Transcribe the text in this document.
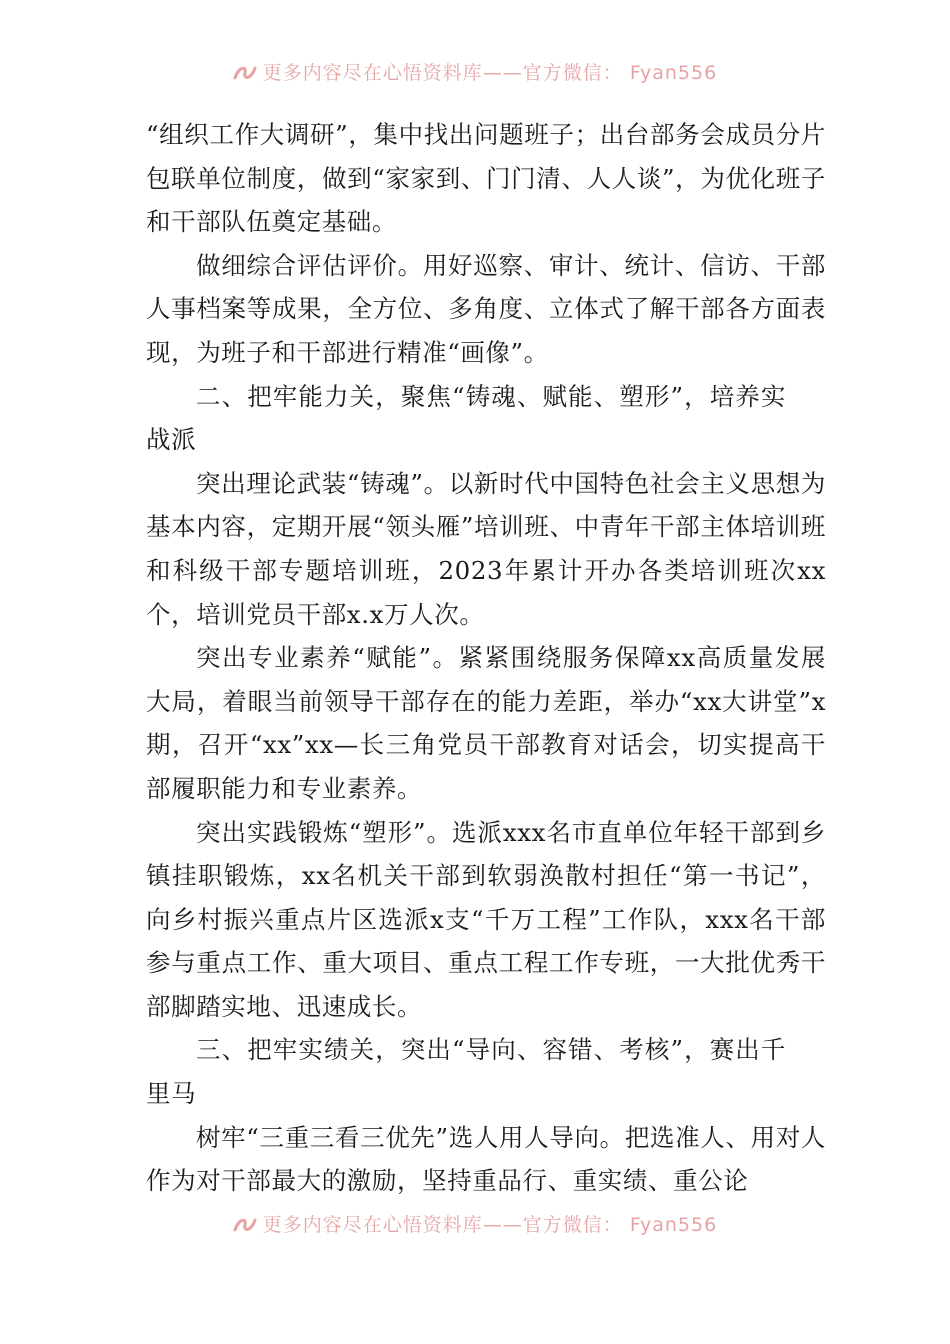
更多内容尽在心悟资料库——官方微信： Fyan556

“组织工作大调研”，集中找出问题班子；出台部务会成员分片包联单位制度，做到“家家到、门门清、人人谈”，为优化班子和干部队伍奠定基础。

做细综合评估评价。用好巡察、审计、统计、信访、干部人事档案等成果，全方位、多角度、立体式了解干部各方面表现，为班子和干部进行精准“画像”。

二、把牢能力关，聚焦“铸魂、赋能、塑形”，培养实战派

突出理论武装“铸魂”。以新时代中国特色社会主义思想为基本内容，定期开展“领头雁”培训班、中青年干部主体培训班和科级干部专题培训班，2023年累计开办各类培训班次xx个，培训党员干部x.x万人次。

突出专业素养“赋能”。紧紧围绕服务保障xx高质量发展大局，着眼当前领导干部存在的能力差距，举办“xx大讲堂”x期，召开“xx”xx—长三角党员干部教育对话会，切实提高干部履职能力和专业素养。

突出实践锻炼“塑形”。选派xxx名市直单位年轻干部到乡镇挂职锻炼，xx名机关干部到软弱涣散村担任“第一书记”，向乡村振兴重点片区选派x支“千万工程”工作队，xxx名干部参与重点工作、重大项目、重点工程工作专班，一大批优秀干部脚踏实地、迅速成长。

三、把牢实绩关，突出“导向、容错、考核”，赛出千里马

树牢“三重三看三优先”选人用人导向。把选准人、用对人作为对干部最大的激励，坚持重品行、重实绩、重公论

更多内容尽在心悟资料库——官方微信： Fyan556
